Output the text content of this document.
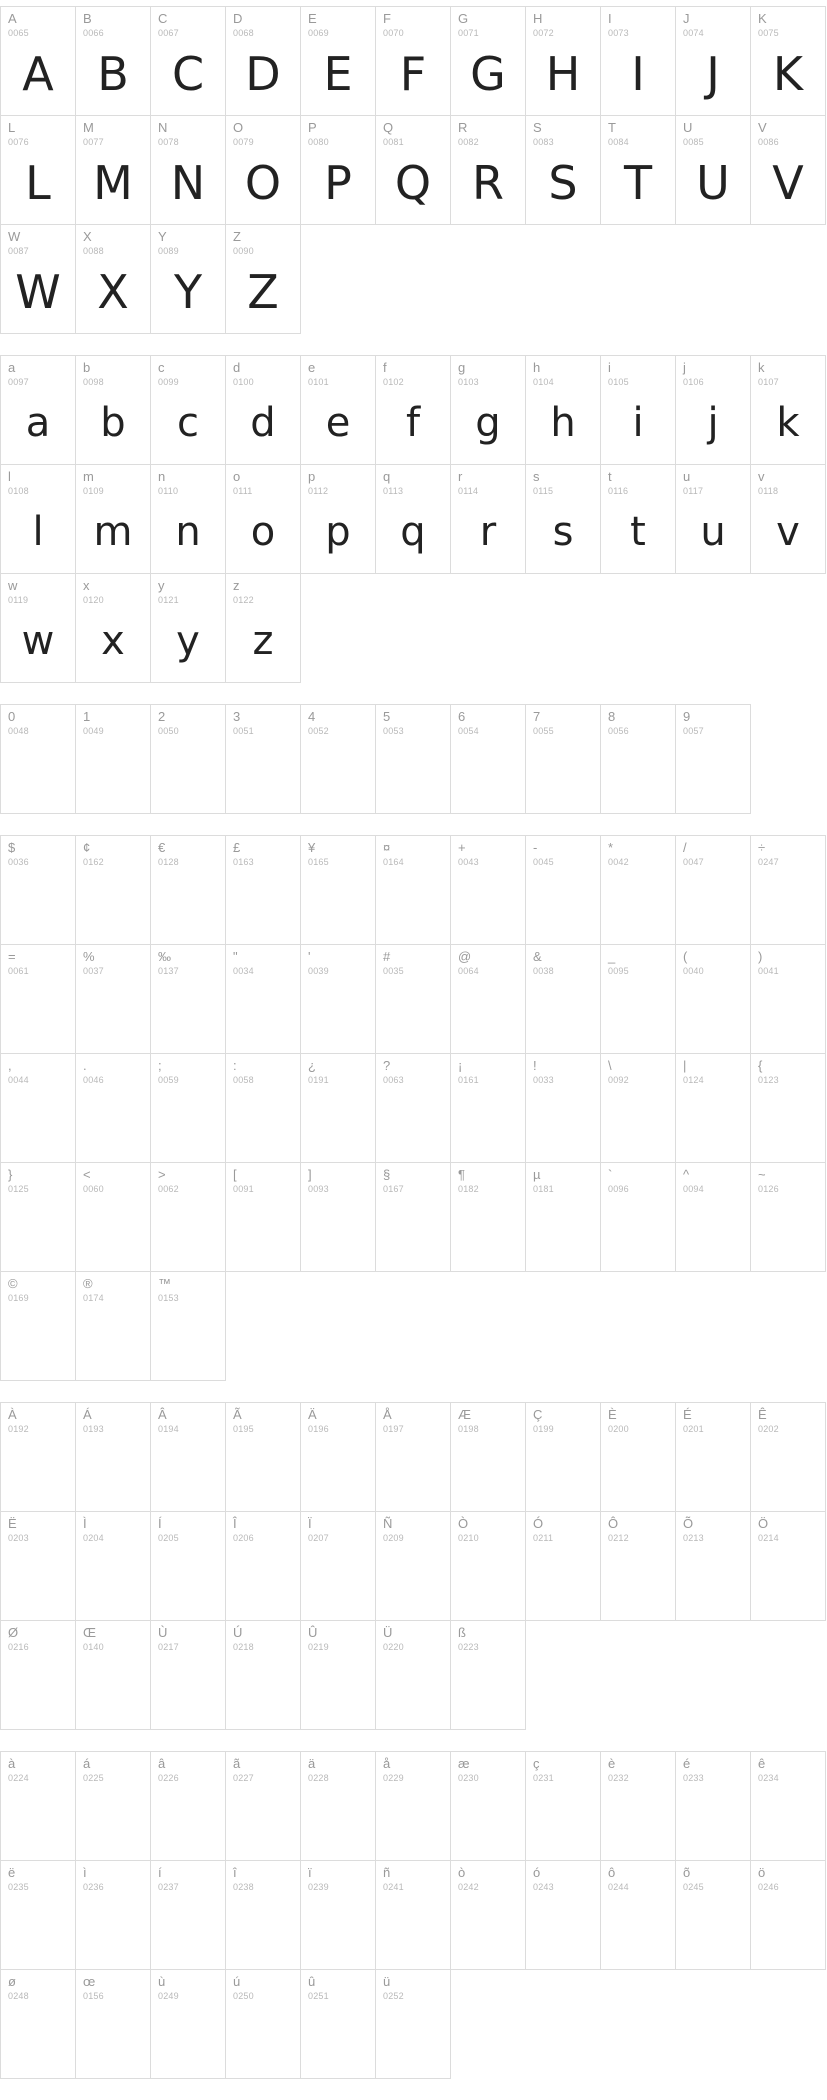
A
0065
A
B
0066
B
C
0067
C
D
0068
D
E
0069
E
F
0070
F
G
0071
G
H
0072
H
I
0073
I
J
0074
J
K
0075
K
L
0076
L
M
0077
M
N
0078
N
O
0079
O
P
0080
P
Q
0081
Q
R
0082
R
S
0083
S
T
0084
T
U
0085
U
V
0086
V
W
0087
W
X
0088
X
Y
0089
Y
Z
0090
Z
a
0097
a
b
0098
b
c
0099
c
d
0100
d
e
0101
e
f
0102
f
g
0103
g
h
0104
h
i
0105
i
j
0106
j
k
0107
k
l
0108
l
m
0109
m
n
0110
n
o
0111
o
p
0112
p
q
0113
q
r
0114
r
s
0115
s
t
0116
t
u
0117
u
v
0118
v
w
0119
w
x
0120
x
y
0121
y
z
0122
z
0
0048
1
0049
2
0050
3
0051
4
0052
5
0053
6
0054
7
0055
8
0056
9
0057
$
0036
¢
0162
€
0128
£
0163
¥
0165
¤
0164
+
0043
-
0045
*
0042
/
0047
÷
0247
=
0061
%
0037
‰
0137
"
0034
'
0039
#
0035
@
0064
&
0038
_
0095
(
0040
)
0041
,
0044
.
0046
;
0059
:
0058
¿
0191
?
0063
¡
0161
!
0033
\
0092
|
0124
{
0123
}
0125
<
0060
>
0062
[
0091
]
0093
§
0167
¶
0182
µ
0181
`
0096
^
0094
~
0126
©
0169
®
0174
™
0153
À
0192
Á
0193
Â
0194
Ã
0195
Ä
0196
Å
0197
Æ
0198
Ç
0199
È
0200
É
0201
Ê
0202
Ë
0203
Ì
0204
Í
0205
Î
0206
Ï
0207
Ñ
0209
Ò
0210
Ó
0211
Ô
0212
Õ
0213
Ö
0214
Ø
0216
Œ
0140
Ù
0217
Ú
0218
Û
0219
Ü
0220
ß
0223
à
0224
á
0225
â
0226
ã
0227
ä
0228
å
0229
æ
0230
ç
0231
è
0232
é
0233
ê
0234
ë
0235
ì
0236
í
0237
î
0238
ï
0239
ñ
0241
ò
0242
ó
0243
ô
0244
õ
0245
ö
0246
ø
0248
œ
0156
ù
0249
ú
0250
û
0251
ü
0252
